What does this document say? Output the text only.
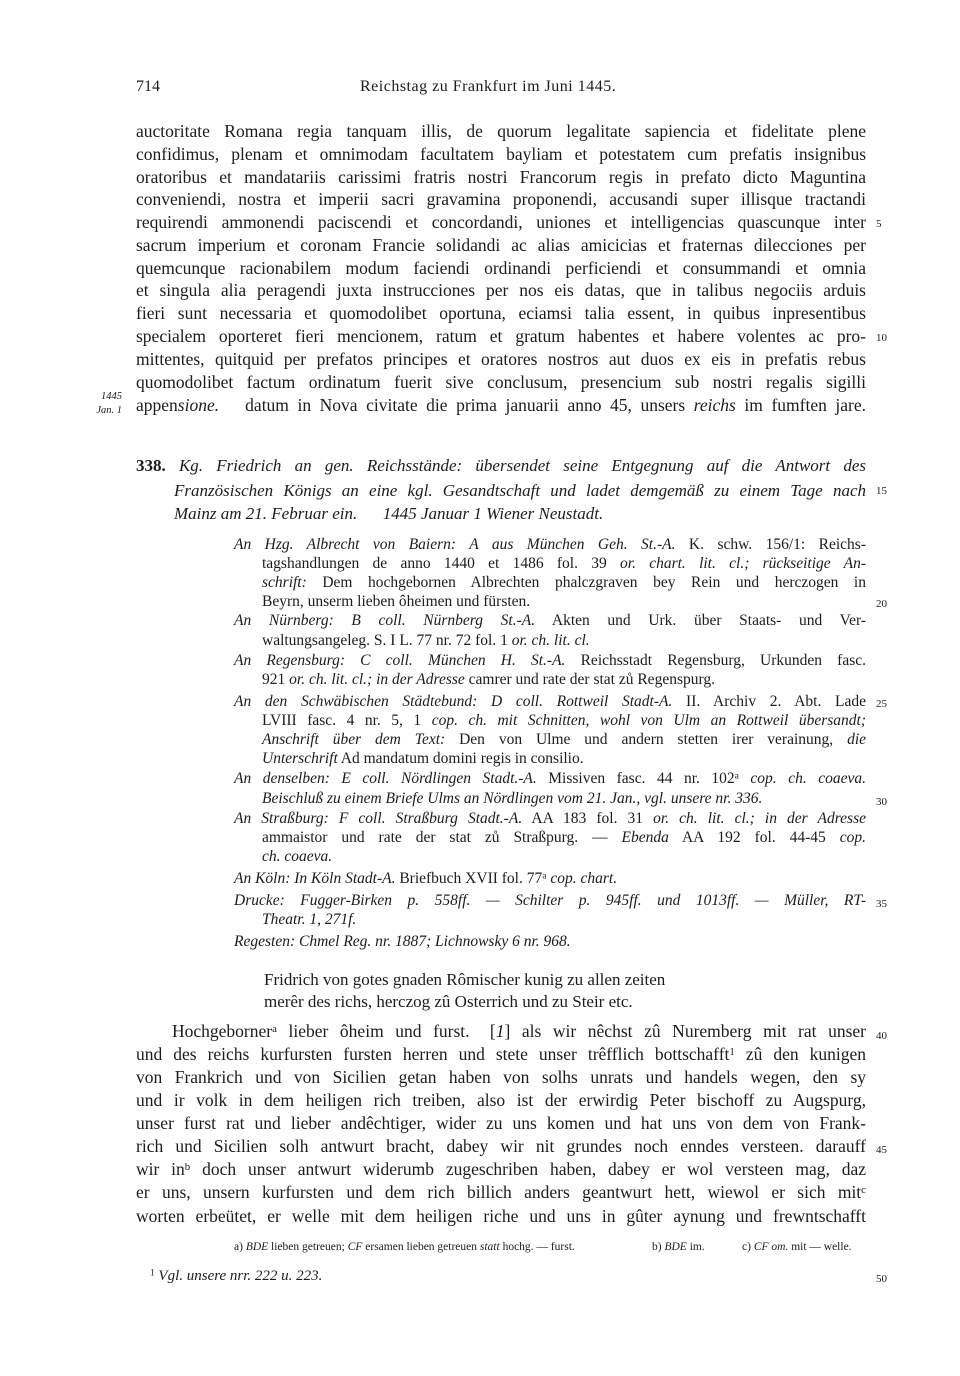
714	Reichstag zu Frankfurt im Juni 1445.
auctoritate Romana regia tanquam illis, de quorum legalitate sapiencia et fidelitate plene
confidimus, plenam et omnimodam facultatem bayliam et potestatem cum prefatis insignibus
oratoribus et mandatariis carissimi fratris nostri Francorum regis in prefato dicto Maguntina
conveniendi, nostra et imperii sacri gravamina proponendi, accusandi super illisque tractandi
requirendi ammonendi paciscendi et concordandi, uniones et intelligencias quascunque inter
sacrum imperium et coronam Francie solidandi ac alias amicicias et fraternas dilecciones per
quemcunque racionabilem modum faciendi ordinandi perficiendi et consummandi et omnia
et singula alia peragendi juxta instrucciones per nos eis datas, que in talibus negociis arduis
fieri sunt necessaria et quomodolibet oportuna, eciamsi talia essent, in quibus inpresentibus
specialem oporteret fieri mencionem, ratum et gratum habentes et habere volentes ac pro-
mittentes, quitquid per prefatos principes et oratores nostros aut duos ex eis in prefatis rebus
quomodolibet factum ordinatum fuerit sive conclusum, presencium sub nostri regalis sigilli
appensione.  datum in Nova civitate die prima januarii anno 45, unsers reichs im fumften jare.
1445
Jan. 1
338. Kg. Friedrich an gen. Reichsstände: übersendet seine Entgegnung auf die Antwort des
Französischen Königs an eine kgl. Gesandtschaft und ladet demgemäß zu einem Tage nach
Mainz am 21. Februar ein.  1445 Januar 1 Wiener Neustadt.
An Hzg. Albrecht von Baiern: A aus München Geh. St.-A. K. schw. 156/1: Reichs-
tagshandlungen de anno 1440 et 1486 fol. 39 or. chart. lit. cl.; rückseitige An-
schrift: Dem hochgebornen Albrechten phalczgraven bey Rein und herczogen in
Beyrn, unserm lieben ôheimen und fürsten.
An Nürnberg: B coll. Nürnberg St.-A. Akten und Urk. über Staats- und Ver-
waltungsangeleg. S. I L. 77 nr. 72 fol. 1 or. ch. lit. cl.
An Regensburg: C coll. München H. St.-A. Reichsstadt Regensburg, Urkunden fasc.
921 or. ch. lit. cl.; in der Adresse camrer und rate der stat zů Regenspurg.
An den Schwäbischen Städtebund: D coll. Rottweil Stadt-A. II. Archiv 2. Abt. Lade
LVIII fasc. 4 nr. 5, 1 cop. ch. mit Schnitten, wohl von Ulm an Rottweil übersandt;
Anschrift über dem Text: Den von Ulme und andern stetten irer verainung, die
Unterschrift Ad mandatum domini regis in consilio.
An denselben: E coll. Nördlingen Stadt.-A. Missiven fasc. 44 nr. 102$^a$ cop. ch. coaeva.
Beischluß zu einem Briefe Ulms an Nördlingen vom 21. Jan., vgl. unsere nr. 336.
An Straßburg: F coll. Straßburg Stadt.-A. AA 183 fol. 31 or. ch. lit. cl.; in der Adresse
ammaistor und rate der stat zů Straßpurg. — Ebenda AA 192 fol. 44-45 cop.
ch. coaeva.
An Köln: In Köln Stadt-A. Briefbuch XVII fol. 77$^a$ cop. chart.
Drucke: Fugger-Birken p. 558ff. — Schilter p. 945ff. und 1013ff. — Müller, RT-
Theatr. 1, 271f.
Regesten: Chmel Reg. nr. 1887; Lichnowsky 6 nr. 968.
Fridrich von gotes gnaden Rômischer kunig zu allen zeiten
merêr des richs, herczog zû Osterrich und zu Steir etc.
Hochgeborner$^a$ lieber ôheim und furst.  [1] als wir nêchst zû Nuremberg mit rat unser
und des reichs kurfursten fursten herren und stete unser trêfflich bottschafft$^1$ zû den kunigen
von Frankrich und von Sicilien getan haben von solhs unrats und handels wegen, den sy
und ir volk in dem heiligen rich treiben, also ist der erwirdig Peter bischoff zu Augspurg,
unser furst rat und lieber andêchtiger, wider zu uns komen und hat uns von dem von Frank-
rich und Sicilien solh antwurt bracht, dabey wir nit grundes noch enndes versteen. darauff
wir $in^b$ doch unser antwurt widerumb zugeschriben haben, dabey er wol versteen mag, daz
er uns, unsern kurfursten und dem rich billich anders geantwurt hett, wiewol er sich mit$^c$
worten erbeütet, er welle mit dem heiligen riche und uns in gûter aynung und frewntschafft
a) BDE lieben getreuen; CF ersamen lieben getreuen statt hochg. — furst.	b) BDE im.	c) CF om. mit — welle.
$^1$ Vgl. unsere nrr. 222 u. 223.
5
10
15
20
25
30
35
40
45
50
